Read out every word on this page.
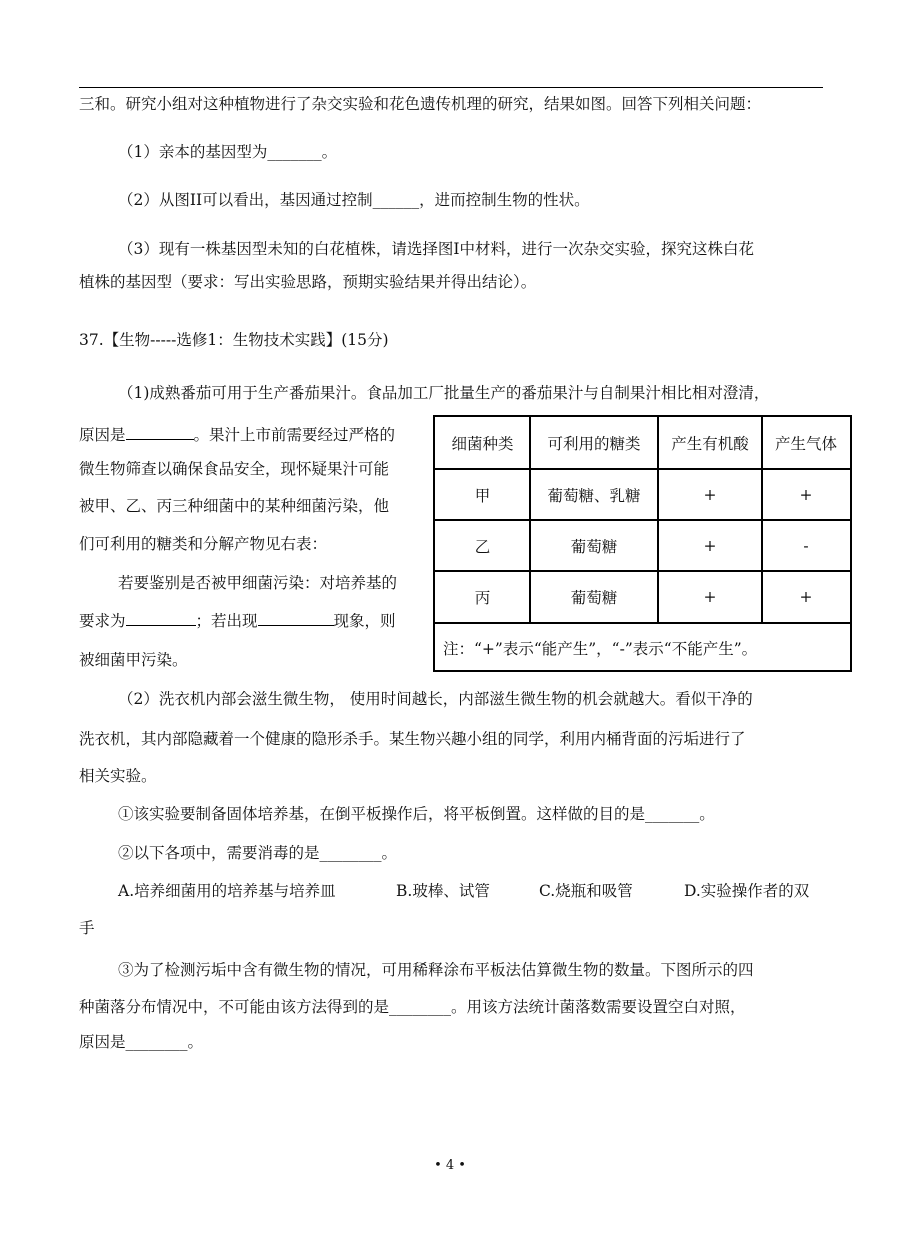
三和。研究小组对这种植物进行了杂交实验和花色遗传机理的研究，结果如图。回答下列相关问题：
（1）亲本的基因型为_______。
（2）从图II可以看出，基因通过控制______，进而控制生物的性状。
（3）现有一株基因型未知的白花植株，请选择图Ⅰ中材料，进行一次杂交实验，探究这株白花
植株的基因型（要求：写出实验思路，预期实验结果并得出结论）。
37.【生物-----选修1：生物技术实践】(15分)
（1)成熟番茄可用于生产番茄果汁。食品加工厂批量生产的番茄果汁与自制果汁相比相对澄清，
原因是	。果汁上市前需要经过严格的
微生物筛查以确保食品安全，现怀疑果汁可能
被甲、乙、丙三种细菌中的某种细菌污染，他
们可利用的糖类和分解产物见右表：
若要鉴别是否被甲细菌污染：对培养基的
要求为	；若出现	现象，则
被细菌甲污染。
细菌种类	可利用的糖类	产生有机酸	产生气体
甲	葡萄糖、乳糖	+	+
乙	葡萄糖	+	-
丙	葡萄糖	+	+
注：“+”表示“能产生”，“-”表示“不能产生”。
（2）洗衣机内部会滋生微生物， 使用时间越长，内部滋生微生物的机会就越大。看似干净的
洗衣机，其内部隐藏着一个健康的隐形杀手。某生物兴趣小组的同学，利用内桶背面的污垢进行了
相关实验。
①该实验要制备固体培养基，在倒平板操作后，将平板倒置。这样做的目的是_______。
②以下各项中，需要消毒的是________。
A.培养细菌用的培养基与培养皿	B.玻棒、试管	C.烧瓶和吸管	D.实验操作者的双
手
③为了检测污垢中含有微生物的情况，可用稀释涂布平板法估算微生物的数量。下图所示的四
种菌落分布情况中，不可能由该方法得到的是________。用该方法统计菌落数需要设置空白对照，
原因是________。
• 4 •
